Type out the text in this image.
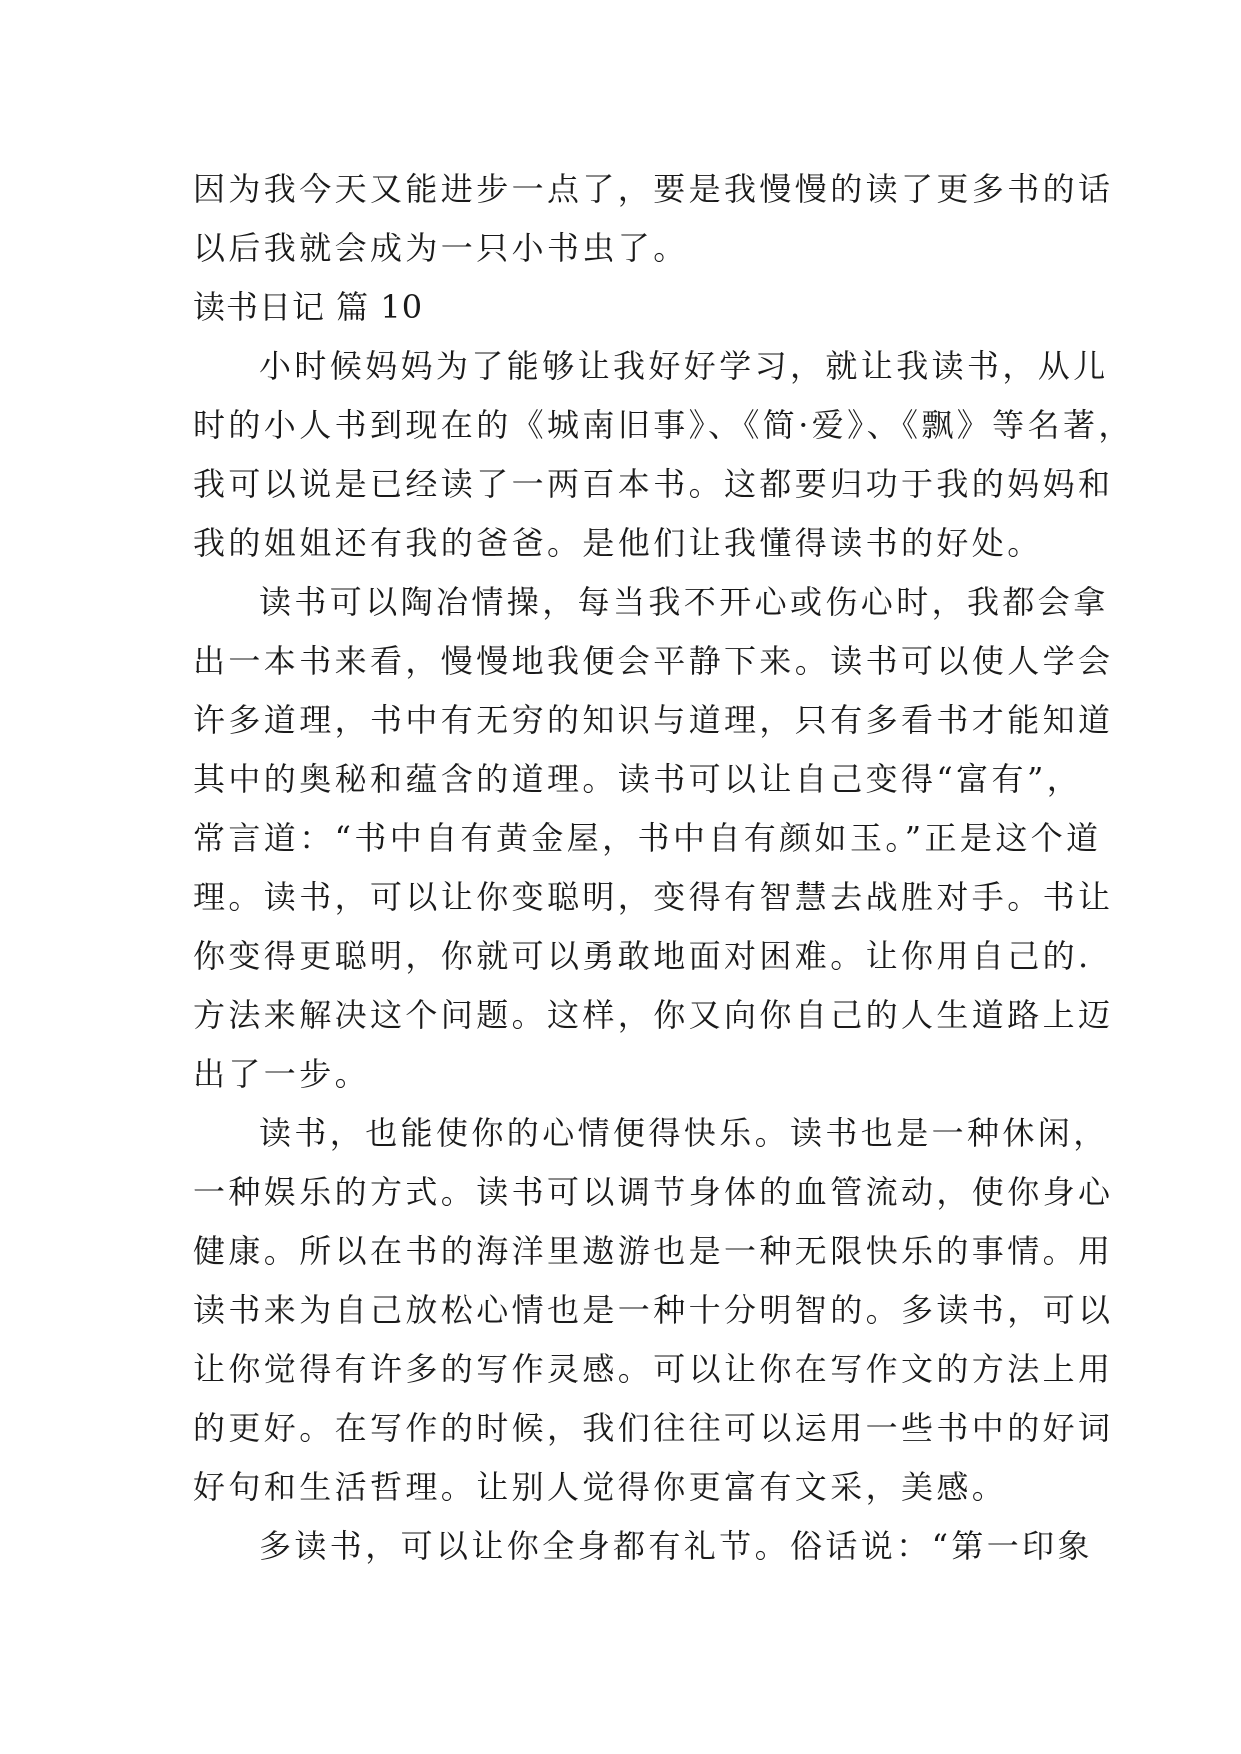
因为我今天又能进步一点了，要是我慢慢的读了更多书的话
以后我就会成为一只小书虫了。
读书日记 篇 10
小时候妈妈为了能够让我好好学习，就让我读书，从儿
时的小人书到现在的《城南旧事》、《简·爱》、《飘》等名著，
我可以说是已经读了一两百本书。这都要归功于我的妈妈和
我的姐姐还有我的爸爸。是他们让我懂得读书的好处。
读书可以陶冶情操，每当我不开心或伤心时，我都会拿
出一本书来看，慢慢地我便会平静下来。读书可以使人学会
许多道理，书中有无穷的知识与道理，只有多看书才能知道
其中的奥秘和蕴含的道理。读书可以让自己变得“富有”，
常言道：“书中自有黄金屋，书中自有颜如玉。”正是这个道
理。读书，可以让你变聪明，变得有智慧去战胜对手。书让
你变得更聪明，你就可以勇敢地面对困难。让你用自己的.
方法来解决这个问题。这样，你又向你自己的人生道路上迈
出了一步。
读书，也能使你的心情便得快乐。读书也是一种休闲，
一种娱乐的方式。读书可以调节身体的血管流动，使你身心
健康。所以在书的海洋里遨游也是一种无限快乐的事情。用
读书来为自己放松心情也是一种十分明智的。多读书，可以
让你觉得有许多的写作灵感。可以让你在写作文的方法上用
的更好。在写作的时候，我们往往可以运用一些书中的好词
好句和生活哲理。让别人觉得你更富有文采，美感。
多读书，可以让你全身都有礼节。俗话说：“第一印象
